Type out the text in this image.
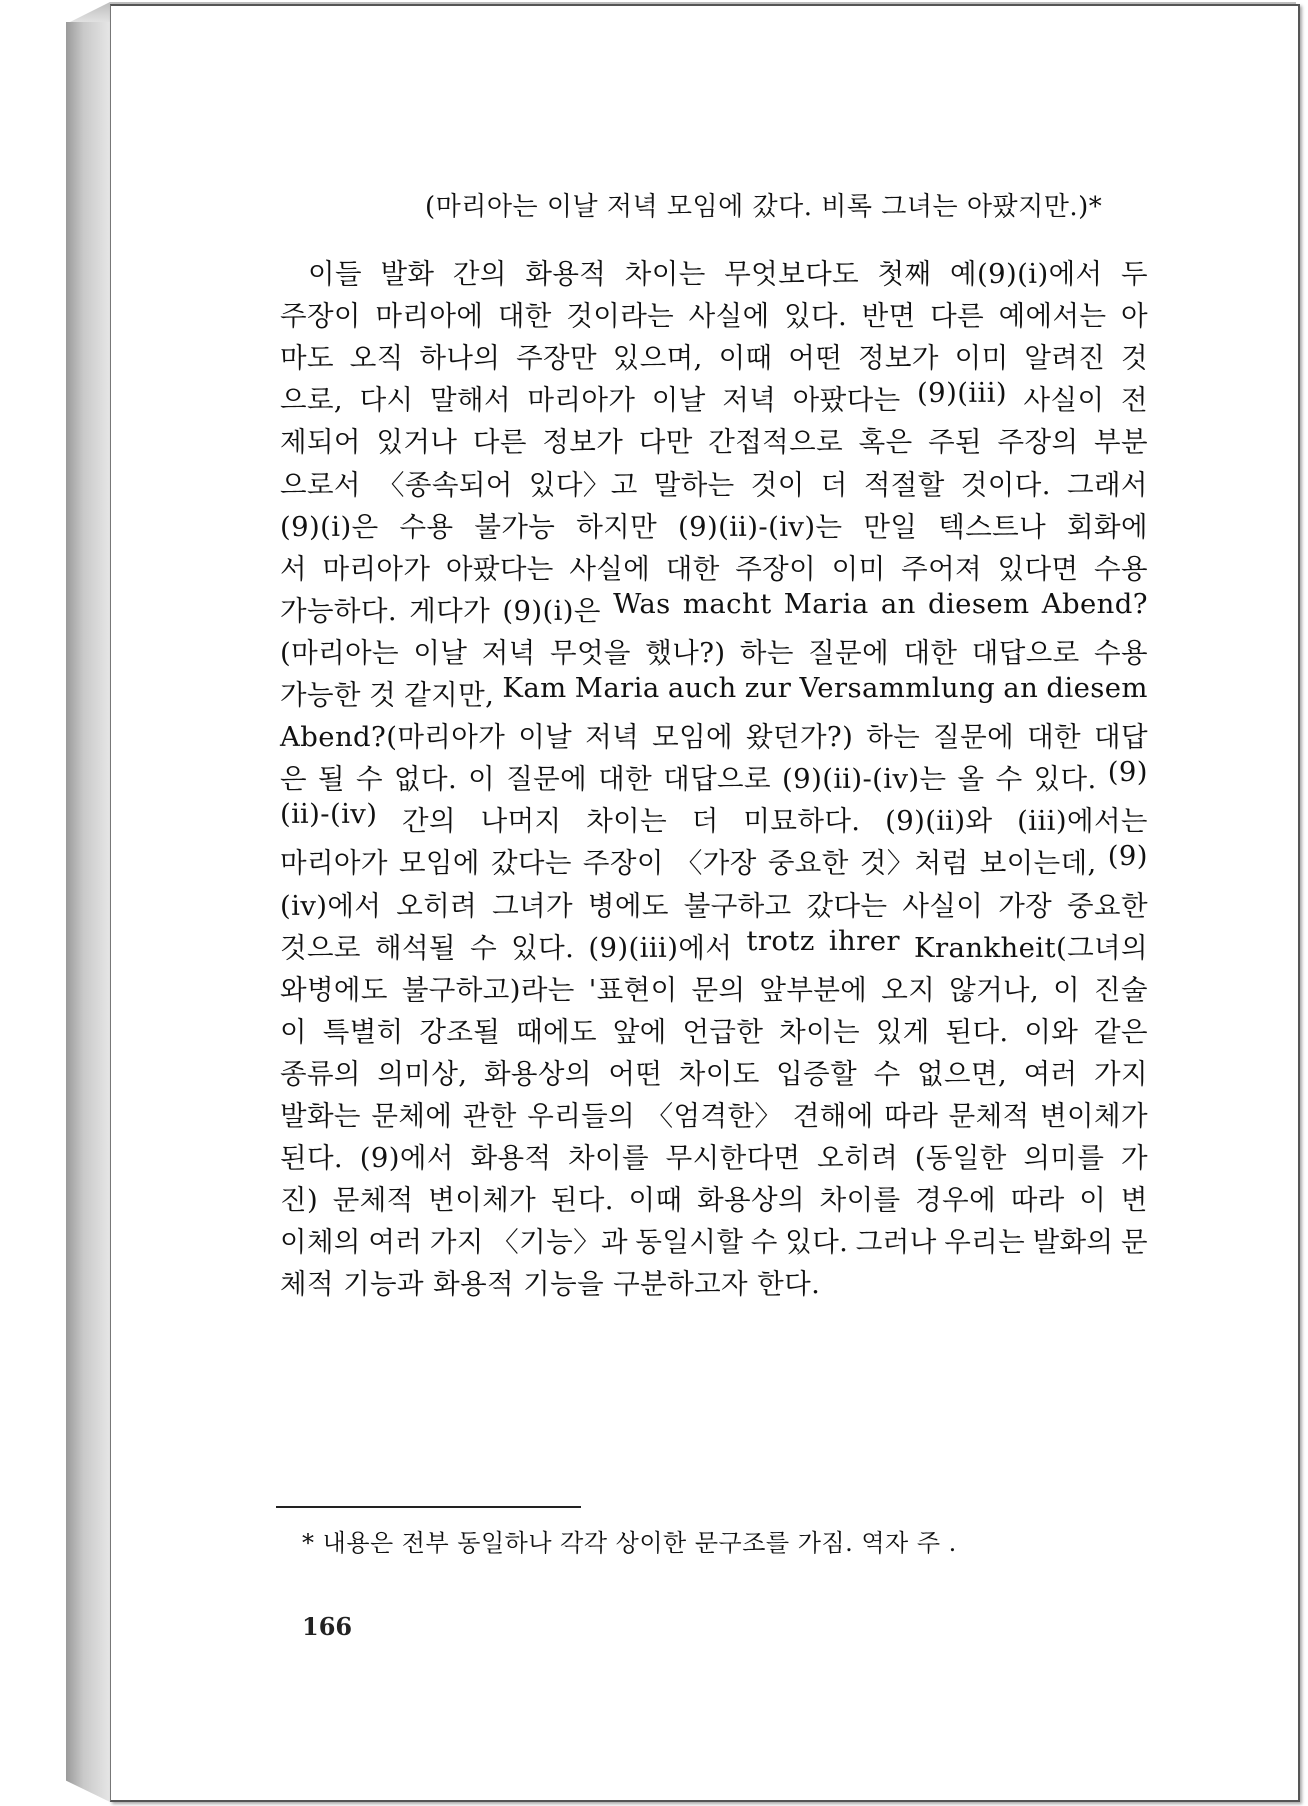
(마리아는 이날 저녁 모임에 갔다. 비록 그녀는 아팠지만.)*
이들 발화 간의 화용적 차이는 무엇보다도 첫째 예(9)(ⅰ)에서 두
주장이 마리아에 대한 것이라는 사실에 있다. 반면 다른 예에서는 아
마도 오직 하나의 주장만 있으며, 이때 어떤 정보가 이미 알려진 것
으로, 다시 말해서 마리아가 이날 저녁 아팠다는 (9)(iii) 사실이 전
제되어 있거나 다른 정보가 다만 간접적으로 혹은 주된 주장의 부분
으로서 〈종속되어 있다〉고 말하는 것이 더 적절할 것이다. 그래서
(9)(ⅰ)은 수용 불가능 하지만 (9)(ⅱ)-(iv)는 만일 텍스트나 회화에
서 마리아가 아팠다는 사실에 대한 주장이 이미 주어져 있다면 수용
가능하다. 게다가 (9)(ⅰ)은 Was macht Maria an diesem Abend?
(마리아는 이날 저녁 무엇을 했나?) 하는 질문에 대한 대답으로 수용
가능한 것 같지만, Kam Maria auch zur Versammlung an diesem
Abend?(마리아가 이날 저녁 모임에 왔던가?) 하는 질문에 대한 대답
은 될 수 없다. 이 질문에 대한 대답으로 (9)(ⅱ)-(iv)는 올 수 있다. (9)
(ⅱ)-(iv) 간의 나머지 차이는 더 미묘하다. (9)(ⅱ)와 (iii)에서는
마리아가 모임에 갔다는 주장이 〈가장 중요한 것〉처럼 보이는데, (9)
(iv)에서 오히려 그녀가 병에도 불구하고 갔다는 사실이 가장 중요한
것으로 해석될 수 있다. (9)(iii)에서 trotz ihrer Krankheit(그녀의
와병에도 불구하고)라는 '표현이 문의 앞부분에 오지 않거나, 이 진술
이 특별히 강조될 때에도 앞에 언급한 차이는 있게 된다. 이와 같은
종류의 의미상, 화용상의 어떤 차이도 입증할 수 없으면, 여러 가지
발화는 문체에 관한 우리들의 〈엄격한〉 견해에 따라 문체적 변이체가
된다. (9)에서 화용적 차이를 무시한다면 오히려 (동일한 의미를 가
진) 문체적 변이체가 된다. 이때 화용상의 차이를 경우에 따라 이 변
이체의 여러 가지 〈기능〉과 동일시할 수 있다. 그러나 우리는 발화의 문
체적 기능과 화용적 기능을 구분하고자 한다.
* 내용은 전부 동일하나 각각 상이한 문구조를 가짐. 역자 주 .
166
